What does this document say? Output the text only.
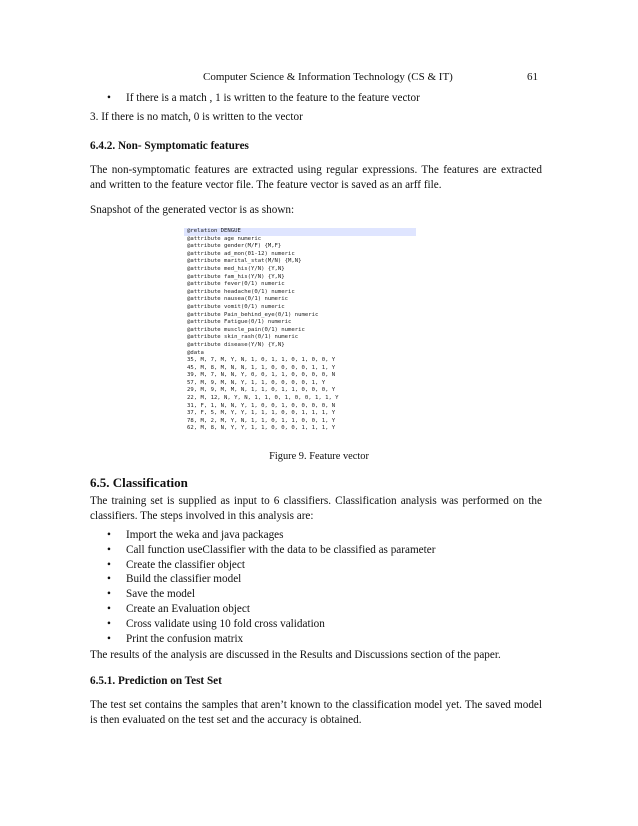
Computer Science & Information Technology (CS & IT)	61
• If there is a match , 1 is written to the feature to the feature vector

3. If there is no match, 0 is written to the vector

6.4.2. Non- Symptomatic features

The non-symptomatic features are extracted using regular expressions. The features are extracted and written to the feature vector file. The feature vector is saved as an arff file.

Snapshot of the generated vector is as shown:

@relation DENGUE
@attribute age numeric
@attribute gender(M/F) {M,F}
@attribute ad_mon(01-12) numeric
@attribute marital_stat(M/N) {M,N}
@attribute med_his(Y/N) {Y,N}
@attribute fam_his(Y/N) {Y,N}
@attribute fever(0/1) numeric
@attribute headache(0/1) numeric
@attribute nausea(0/1) numeric
@attribute vomit(0/1) numeric
@attribute Pain_behind_eye(0/1) numeric
@attribute Fatigue(0/1) numeric
@attribute muscle_pain(0/1) numeric
@attribute skin_rash(0/1) numeric
@attribute disease(Y/N) {Y,N}
@data
35, M, 7, M, Y, N, 1, 0, 1, 1, 0, 1, 0, 0, Y
45, M, 8, M, N, N, 1, 1, 0, 0, 0, 0, 1, 1, Y
39, M, 7, N, N, Y, 0, 0, 1, 1, 0, 0, 0, 0, N
57, M, 9, M, N, Y, 1, 1, 0, 0, 0, 0, 1, Y
29, M, 9, M, M, N, 1, 1, 0, 1, 1, 0, 0, 0, Y
22, M, 12, N, Y, N, 1, 1, 0, 1, 0, 0, 1, 1, Y
31, F, 1, N, N, Y, 1, 0, 0, 1, 0, 0, 0, 0, N
37, F, 5, M, Y, Y, 1, 1, 1, 0, 0, 1, 1, 1, Y
78, M, 2, M, Y, N, 1, 1, 0, 1, 1, 0, 0, 1, Y
62, M, 8, N, Y, Y, 1, 1, 0, 0, 0, 1, 1, 1, Y

Figure 9. Feature vector

6.5. Classification

The training set is supplied as input to 6 classifiers. Classification analysis was performed on the classifiers. The steps involved in this analysis are:

• Import the weka and java packages
• Call function useClassifier with the data to be classified as parameter
• Create the classifier object
• Build the classifier model
• Save the model
• Create an Evaluation object
• Cross validate using 10 fold cross validation
• Print the confusion matrix

The results of the analysis are discussed in the Results and Discussions section of the paper.

6.5.1. Prediction on Test Set

The test set contains the samples that aren’t known to the classification model yet. The saved model is then evaluated on the test set and the accuracy is obtained.
